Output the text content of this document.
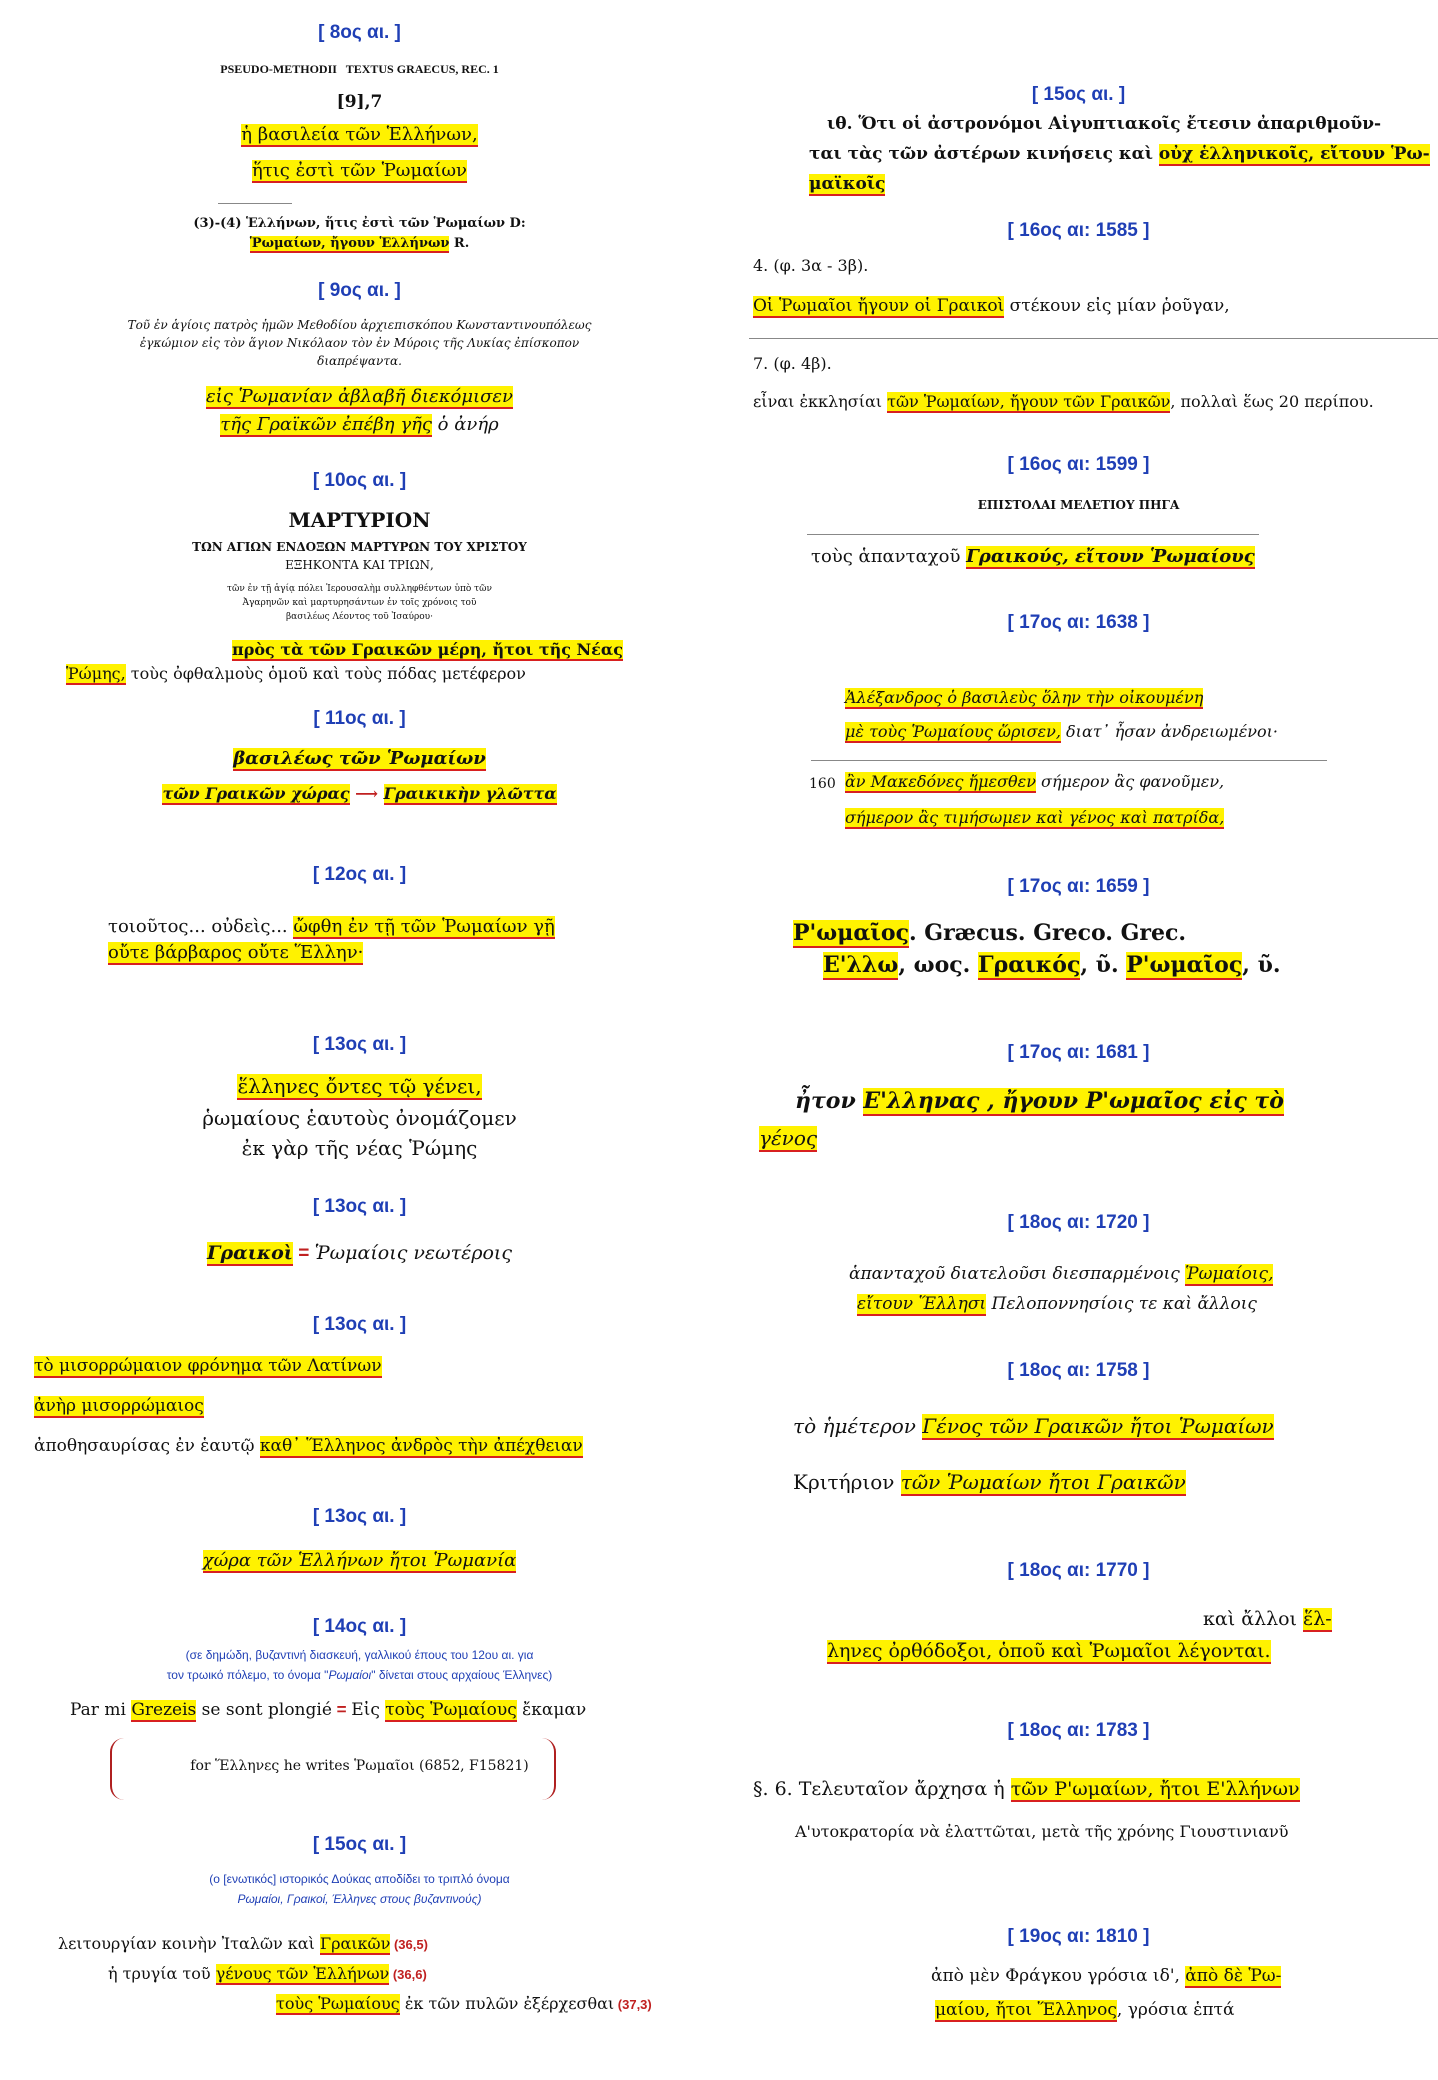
[ 8ος αι. ]
PSEUDO-METHODII   TEXTUS GRAECUS, REC. 1
[9],7
ἡ βασιλεία τῶν Ἑλλήνων,
ἥτις ἐστὶ τῶν Ῥωμαίων
(3)-(4) Ἑλλήνων, ἥτις ἐστὶ τῶν Ῥωμαίων D:
Ῥωμαίων, ἤγουν Ἑλλήνων R.
[ 9ος αι. ]
Τοῦ ἐν ἁγίοις πατρὸς ἡμῶν Μεθοδίου ἀρχιεπισκόπου Κωνσταντινουπόλεως
ἐγκώμιον εἰς τὸν ἅγιον Νικόλαον τὸν ἐν Μύροις τῆς Λυκίας ἐπίσκοπον
διαπρέψαντα.
εἰς Ῥωμανίαν ἀβλαβῆ διεκόμισεν
τῆς Γραϊκῶν ἐπέβη γῆς ὁ ἀνήρ
[ 10ος αι. ]
ΜΑΡΤΥΡΙΟΝ
ΤΩΝ ΑΓΙΩΝ ΕΝΔΟΞΩΝ ΜΑΡΤΥΡΩΝ ΤΟΥ ΧΡΙΣΤΟΥ
ΕΞΗΚΟΝΤΑ ΚΑΙ ΤΡΙΩΝ,
τῶν ἐν τῇ ἁγίᾳ πόλει Ἱερουσαλὴμ συλληφθέντων ὑπὸ τῶν
Ἀγαρηνῶν καὶ μαρτυρησάντων ἐν τοῖς χρόνοις τοῦ
βασιλέως Λέοντος τοῦ Ἰσαύρου·
πρὸς τὰ τῶν Γραικῶν μέρη, ἤτοι τῆς Νέας
Ῥώμης, τοὺς ὀφθαλμοὺς ὁμοῦ καὶ τοὺς πόδας μετέφερον
[ 11ος αι. ]
βασιλέως τῶν Ῥωμαίων
τῶν Γραικῶν χώρας ⟶ Γραικικὴν γλῶττα
[ 12ος αι. ]
τοιοῦτος... οὐδεὶς... ὤφθη ἐν τῇ τῶν Ῥωμαίων γῇ
οὔτε βάρβαρος οὔτε Ἕλλην·
[ 13ος αι. ]
ἕλληνες ὄντες τῷ γένει,
ῥωμαίους ἑαυτοὺς ὀνομάζομεν
ἐκ γὰρ τῆς νέας Ῥώμης
[ 13ος αι. ]
Γραικοὶ = Ῥωμαίοις νεωτέροις
[ 13ος αι. ]
τὸ μισορρώμαιον φρόνημα τῶν Λατίνων
ἀνὴρ μισορρώμαιος
ἀποθησαυρίσας ἐν ἑαυτῷ καθ᾽ Ἕλληνος ἀνδρὸς τὴν ἀπέχθειαν
[ 13ος αι. ]
χώρα τῶν Ἑλλήνων ἤτοι Ῥωμανία
[ 14ος αι. ]
(σε δημώδη, βυζαντινή διασκευή, γαλλικού έπους του 12ου αι. για
τον τρωικό πόλεμο, το όνομα "Ρωμαίοι" δίνεται στους αρχαίους Έλληνες)
Par mi Grezeis se sont plongié = Εἰς τοὺς Ῥωμαίους ἔκαμαν
for Ἕλληνες he writes Ῥωμαῖοι (6852, F15821)
[ 15ος αι. ]
(ο [ενωτικός] ιστορικός Δούκας αποδίδει το τριπλό όνομα
Ρωμαίοι, Γραικοί, Έλληνες στους βυζαντινούς)
λειτουργίαν κοινὴν Ἰταλῶν καὶ Γραικῶν (36,5)
ἡ τρυγία τοῦ γένους τῶν Ἑλλήνων (36,6)
τοὺς Ῥωμαίους ἐκ τῶν πυλῶν ἐξέρχεσθαι (37,3)
[ 15ος αι. ]
ιθ. Ὅτι οἱ ἀστρονόμοι Αἰγυπτιακοῖς ἔτεσιν ἀπαριθμοῦν-
ται τὰς τῶν ἀστέρων κινήσεις καὶ οὐχ ἑλληνικοῖς, εἴτουν Ῥω-
μαϊκοῖς
[ 16ος αι: 1585 ]
4. (φ. 3α - 3β).
Οἱ Ῥωμαῖοι ἤγουν οἱ Γραικοὶ στέκουν εἰς μίαν ῥοῦγαν,
7. (φ. 4β).
εἶναι ἐκκλησίαι τῶν Ῥωμαίων, ἤγουν τῶν Γραικῶν, πολλαὶ ἕως 20 περίπου.
[ 16ος αι: 1599 ]
ΕΠΙΣΤΟΛΑΙ ΜΕΛΕΤΙΟΥ ΠΗΓΑ
τοὺς ἁπανταχοῦ Γραικούς, εἴτουν Ῥωμαίους
[ 17ος αι: 1638 ]
Ἀλέξανδρος ὁ βασιλεὺς ὅλην τὴν οἰκουμένη
μὲ τοὺς Ῥωμαίους ὥρισεν, διατ᾽ ἦσαν ἀνδρειωμένοι·
160 ἂν Μακεδόνες ἤμεσθεν σήμερον ἂς φανοῦμεν,
σήμερον ἂς τιμήσωμεν καὶ γένος καὶ πατρίδα,
[ 17ος αι: 1659 ]
Ρ'ωμαῖος. Græcus. Greco. Grec.
Ε'λλω, ωος. Γραικός, ῦ. Ρ'ωμαῖος, ῦ.
[ 17ος αι: 1681 ]
ἦτον Ε'λληνας , ἤγουν Ρ'ωμαῖος εἰς τὸ
γένος
[ 18ος αι: 1720 ]
ἁπανταχοῦ διατελοῦσι διεσπαρμένοις Ῥωμαίοις,
εἴτουν Ἕλλησι Πελοποννησίοις τε καὶ ἄλλοις
[ 18ος αι: 1758 ]
τὸ ἡμέτερον Γένος τῶν Γραικῶν ἤτοι Ῥωμαίων
Κριτήριον τῶν Ῥωμαίων ἤτοι Γραικῶν
[ 18ος αι: 1770 ]
καὶ ἄλλοι ἕλ-
ληνες ὀρθόδοξοι, ὁποῦ καὶ Ῥωμαῖοι λέγονται.
[ 18ος αι: 1783 ]
§. 6. Τελευταῖον ἄρχησα ἡ τῶν Ρ'ωμαίων, ἤτοι Ε'λλήνων
Α'υτοκρατορία νὰ ἐλαττῶται, μετὰ τῆς χρόνης Γιουστινιανῦ
[ 19ος αι: 1810 ]
ἀπὸ μὲν Φράγκου γρόσια ιδ', ἀπὸ δὲ Ῥω-
μαίου, ἤτοι Ἕλληνος, γρόσια ἑπτά
